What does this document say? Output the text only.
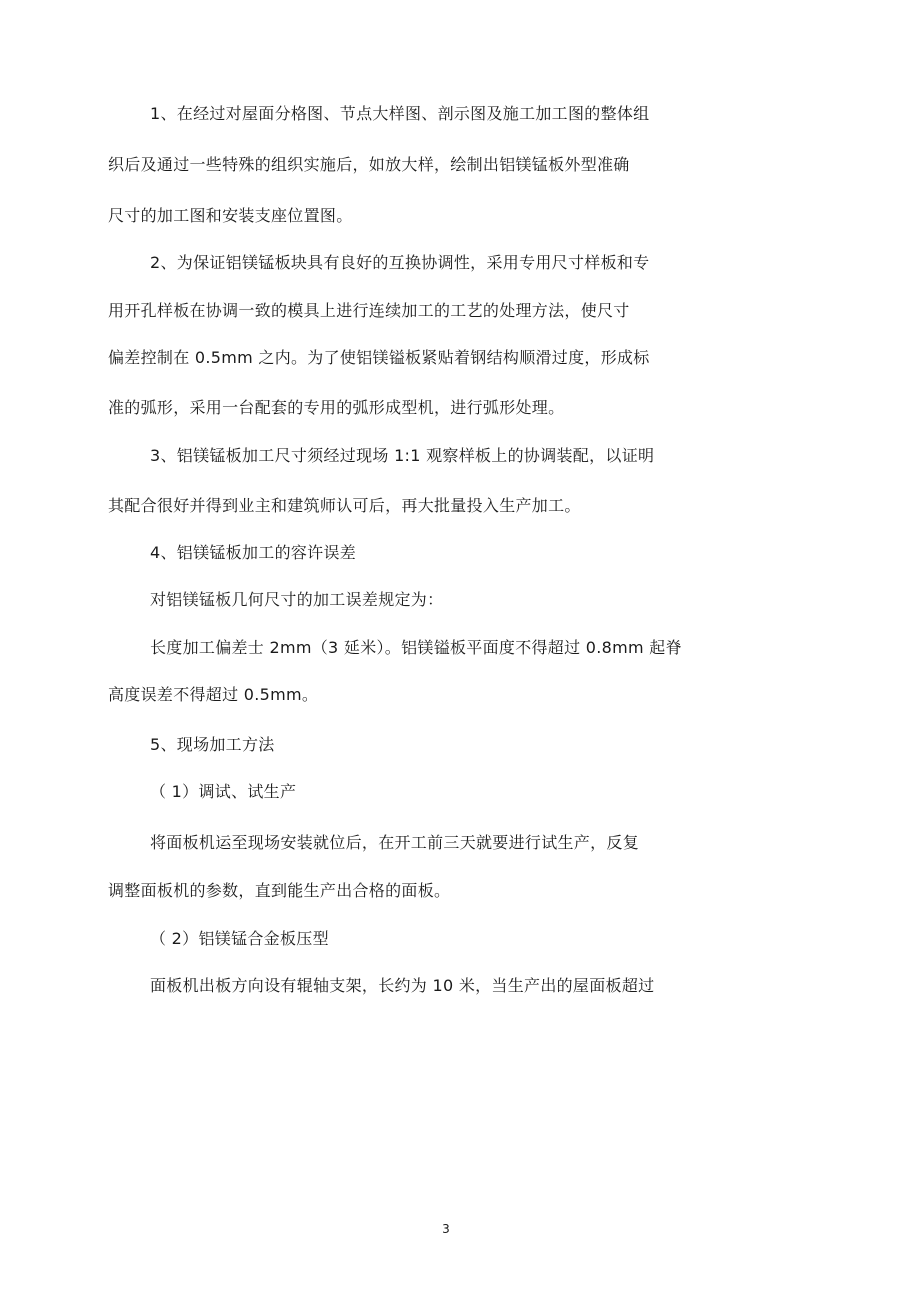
1、在经过对屋面分格图、节点大样图、剖示图及施工加工图的整体组
织后及通过一些特殊的组织实施后，如放大样，绘制出铝镁锰板外型准确
尺寸的加工图和安装支座位置图。
2、为保证铝镁锰板块具有良好的互换协调性，采用专用尺寸样板和专
用开孔样板在协调一致的模具上进行连续加工的工艺的处理方法，使尺寸
偏差控制在 0.5mm 之内。为了使铝镁镒板紧贴着钢结构顺滑过度，形成标
准的弧形，采用一台配套的专用的弧形成型机，进行弧形处理。
3、铝镁锰板加工尺寸须经过现场 1:1 观察样板上的协调装配，以证明
其配合很好并得到业主和建筑师认可后，再大批量投入生产加工。
4、铝镁锰板加工的容许误差
对铝镁锰板几何尺寸的加工误差规定为：
长度加工偏差士 2mm（3 延米）。铝镁镒板平面度不得超过 0.8mm 起脊
高度误差不得超过 0.5mm。
5、现场加工方法
（ 1）调试、试生产
将面板机运至现场安装就位后，在开工前三天就要进行试生产，反复
调整面板机的参数，直到能生产出合格的面板。
（ 2）铝镁锰合金板压型
面板机出板方向设有辊轴支架，长约为 10 米，当生产出的屋面板超过
3
